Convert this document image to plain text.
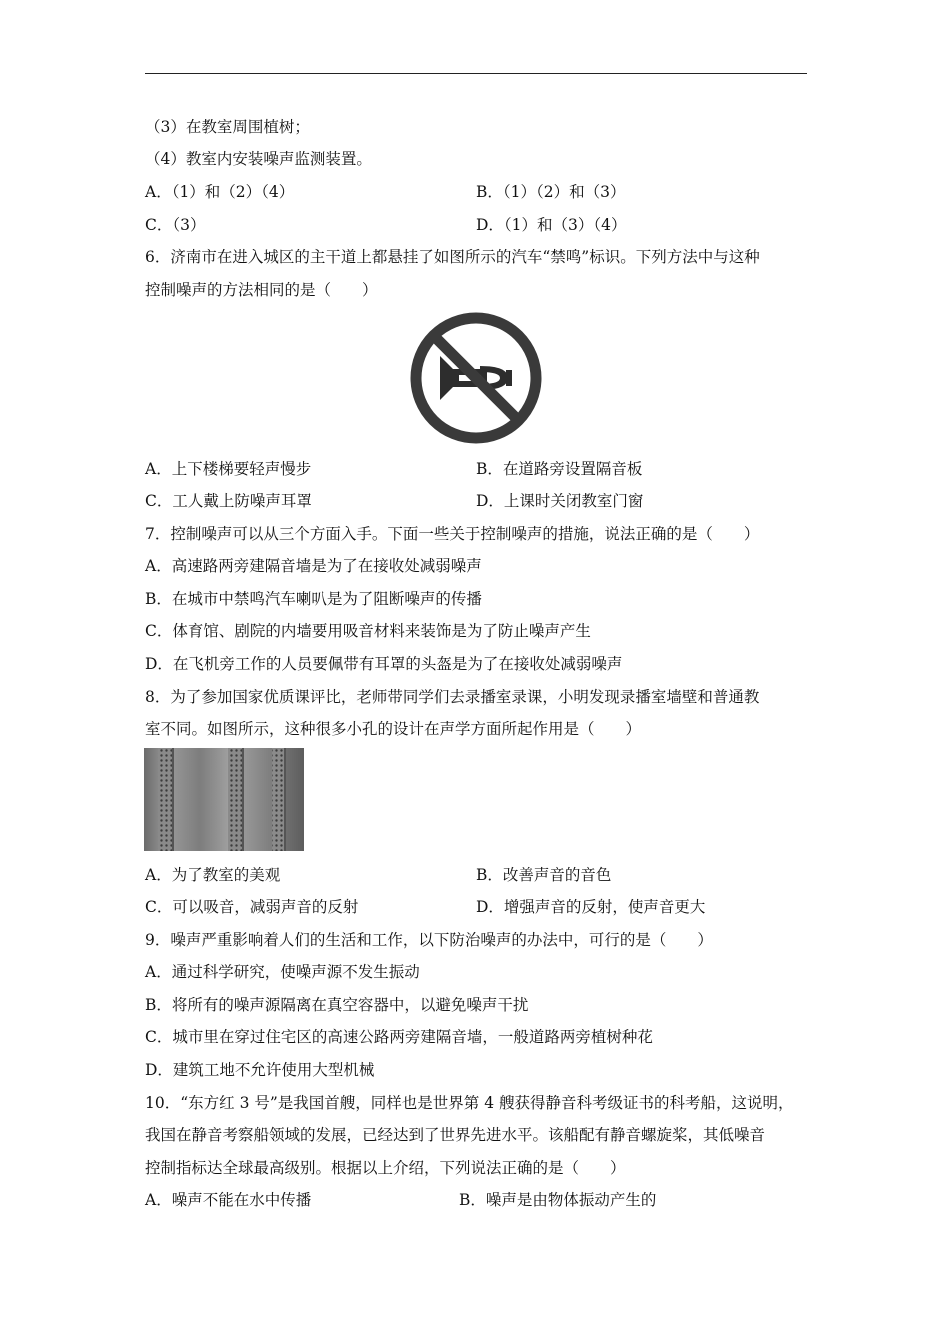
（3）在教室周围植树；
（4）教室内安装噪声监测装置。
A．（1）和（2）（4）	B．（1）（2）和（3）
C．（3）	D．（1）和（3）（4）
6．济南市在进入城区的主干道上都悬挂了如图所示的汽车“禁鸣”标识。下列方法中与这种
控制噪声的方法相同的是（　　）
A．上下楼梯要轻声慢步	B．在道路旁设置隔音板
C．工人戴上防噪声耳罩	D．上课时关闭教室门窗
7．控制噪声可以从三个方面入手。下面一些关于控制噪声的措施，说法正确的是（　　）
A．高速路两旁建隔音墙是为了在接收处减弱噪声
B．在城市中禁鸣汽车喇叭是为了阻断噪声的传播
C．体育馆、剧院的内墙要用吸音材料来装饰是为了防止噪声产生
D．在飞机旁工作的人员要佩带有耳罩的头盔是为了在接收处减弱噪声
8．为了参加国家优质课评比，老师带同学们去录播室录课，小明发现录播室墙壁和普通教
室不同。如图所示，这种很多小孔的设计在声学方面所起作用是（　　）
A．为了教室的美观	B．改善声音的音色
C．可以吸音，减弱声音的反射	D．增强声音的反射，使声音更大
9．噪声严重影响着人们的生活和工作，以下防治噪声的办法中，可行的是（　　）
A．通过科学研究，使噪声源不发生振动
B．将所有的噪声源隔离在真空容器中，以避免噪声干扰
C．城市里在穿过住宅区的高速公路两旁建隔音墙，一般道路两旁植树种花
D．建筑工地不允许使用大型机械
10．“东方红 3 号”是我国首艘，同样也是世界第 4 艘获得静音科考级证书的科考船，这说明，
我国在静音考察船领域的发展，已经达到了世界先进水平。该船配有静音螺旋桨，其低噪音
控制指标达全球最高级别。根据以上介绍，下列说法正确的是（　　）
A．噪声不能在水中传播	B．噪声是由物体振动产生的
